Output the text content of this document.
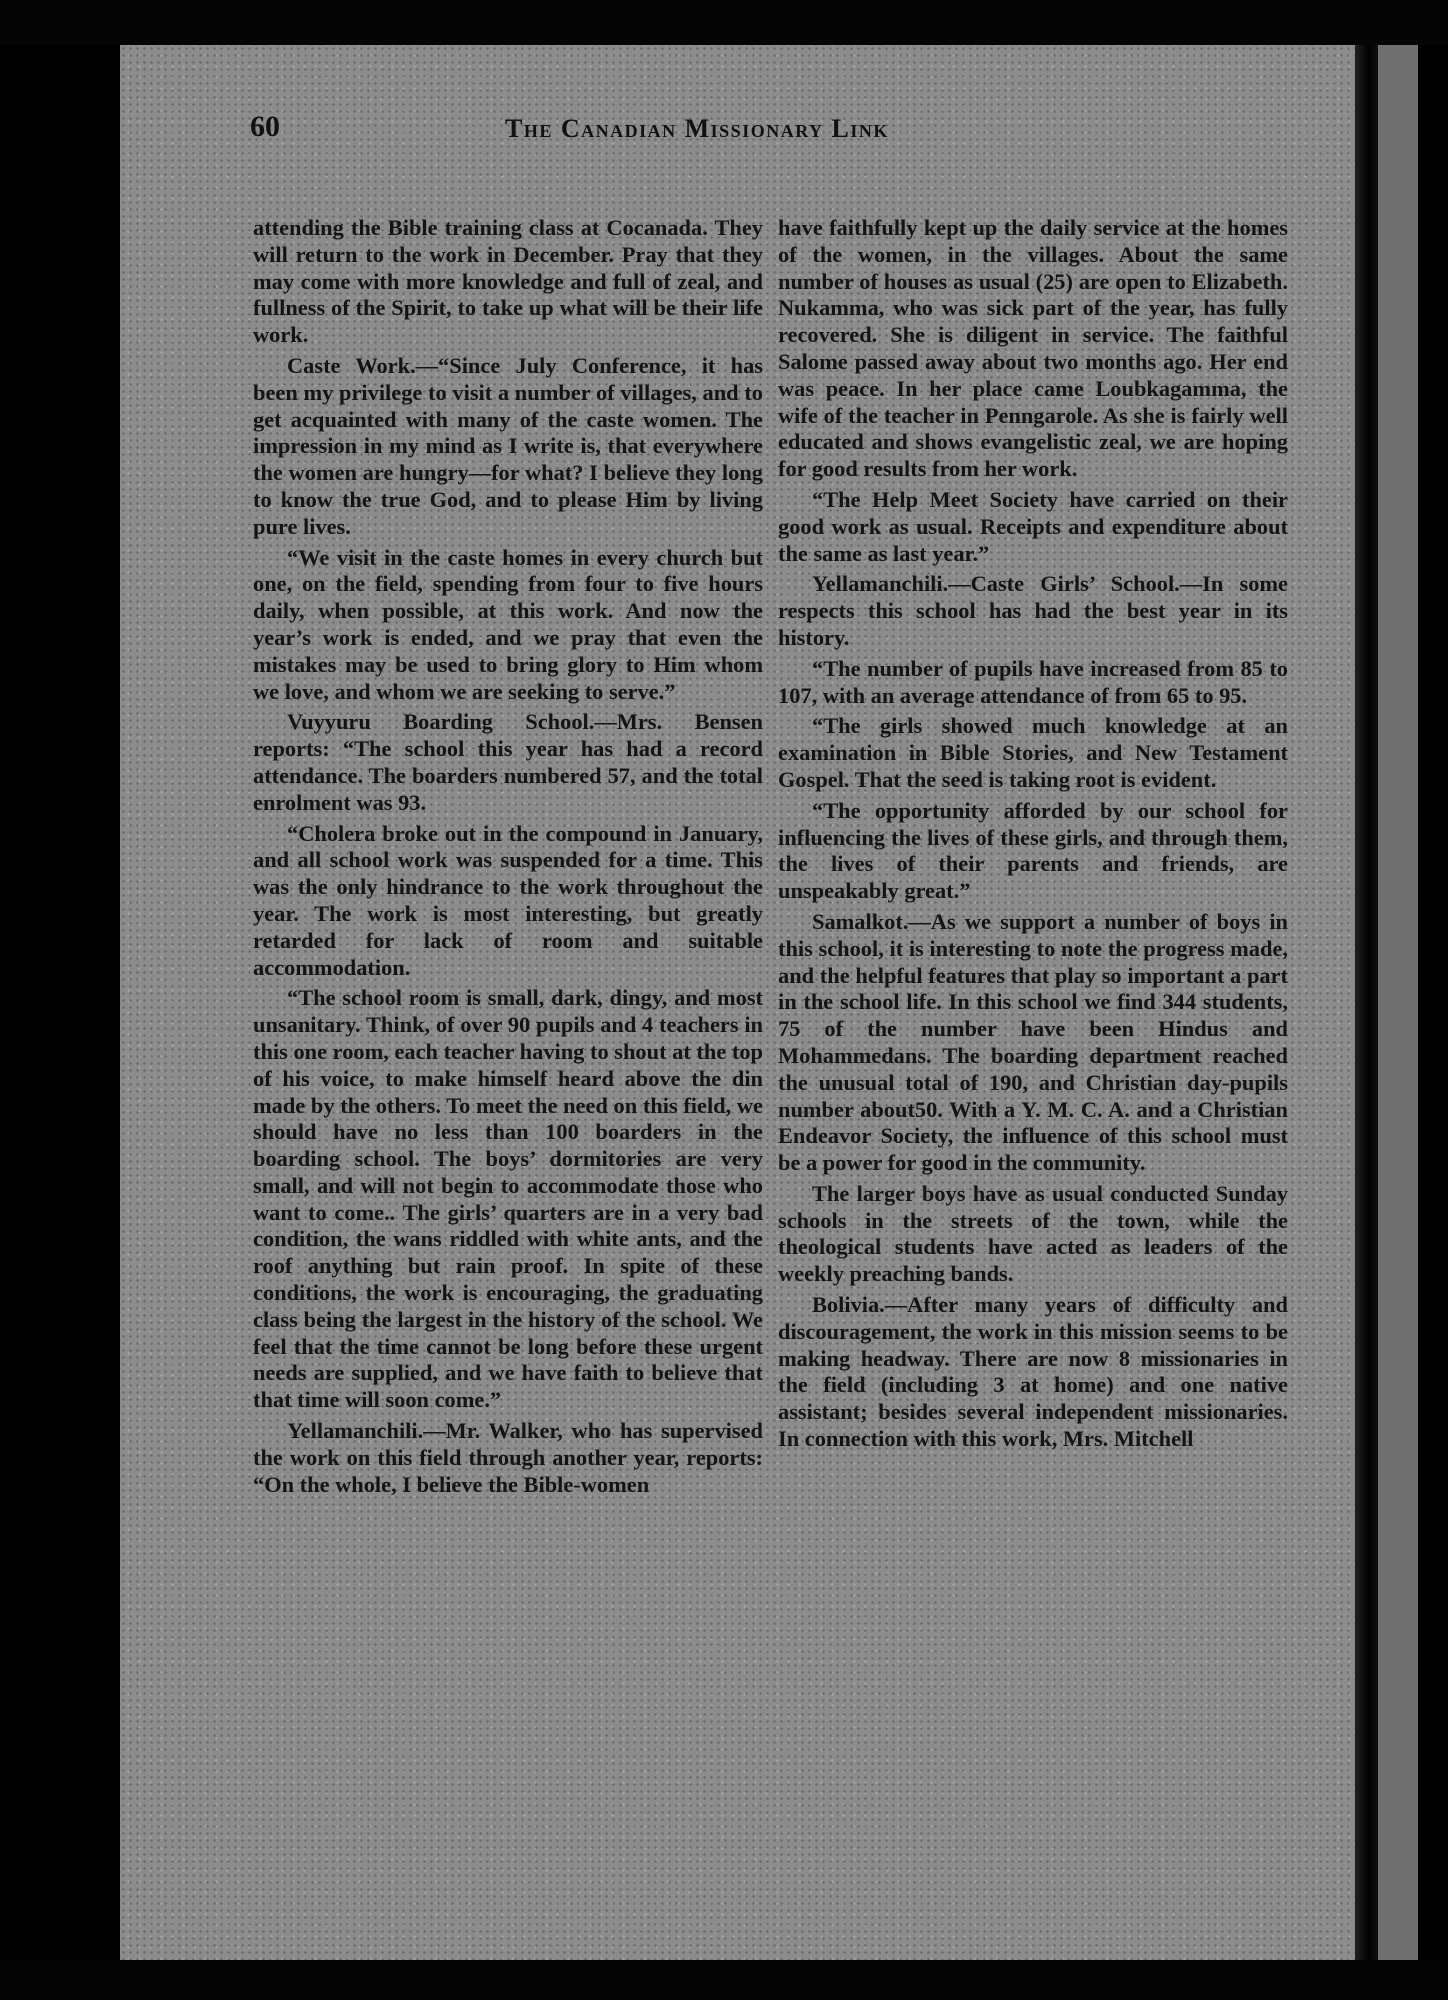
60	The Canadian Missionary Link

attending the Bible training class at Cocanada. They will return to the work in December. Pray that they may come with more knowledge and full of zeal, and fullness of the Spirit, to take up what will be their life work.

Caste Work.—“Since July Conference, it has been my privilege to visit a number of villages, and to get acquainted with many of the caste women. The impression in my mind as I write is, that everywhere the women are hungry—for what? I believe they long to know the true God, and to please Him by living pure lives.

“We visit in the caste homes in every church but one, on the field, spending from four to five hours daily, when possible, at this work. And now the year’s work is ended, and we pray that even the mistakes may be used to bring glory to Him whom we love, and whom we are seeking to serve.”

Vuyyuru Boarding School.—Mrs. Bensen reports: “The school this year has had a record attendance. The boarders numbered 57, and the total enrolment was 93.

“Cholera broke out in the compound in January, and all school work was suspended for a time. This was the only hindrance to the work throughout the year. The work is most interesting, but greatly retarded for lack of room and suitable accommodation.

“The school room is small, dark, dingy, and most unsanitary. Think, of over 90 pupils and 4 teachers in this one room, each teacher having to shout at the top of his voice, to make himself heard above the din made by the others. To meet the need on this field, we should have no less than 100 boarders in the boarding school. The boys’ dormitories are very small, and will not begin to accommodate those who want to come.. The girls’ quarters are in a very bad condition, the wans riddled with white ants, and the roof anything but rain proof. In spite of these conditions, the work is encouraging, the graduating class being the largest in the history of the school. We feel that the time cannot be long before these urgent needs are supplied, and we have faith to believe that that time will soon come.”

Yellamanchili.—Mr. Walker, who has supervised the work on this field through another year, reports: “On the whole, I believe the Bible-women

have faithfully kept up the daily service at the homes of the women, in the villages. About the same number of houses as usual (25) are open to Elizabeth. Nukamma, who was sick part of the year, has fully recovered. She is diligent in service. The faithful Salome passed away about two months ago. Her end was peace. In her place came Loubkagamma, the wife of the teacher in Penngarole. As she is fairly well educated and shows evangelistic zeal, we are hoping for good results from her work.

“The Help Meet Society have carried on their good work as usual. Receipts and expenditure about the same as last year.”

Yellamanchili.—Caste Girls’ School.—In some respects this school has had the best year in its history.

“The number of pupils have increased from 85 to 107, with an average attendance of from 65 to 95.

“The girls showed much knowledge at an examination in Bible Stories, and New Testament Gospel. That the seed is taking root is evident.

“The opportunity afforded by our school for influencing the lives of these girls, and through them, the lives of their parents and friends, are unspeakably great.”

Samalkot.—As we support a number of boys in this school, it is interesting to note the progress made, and the helpful features that play so important a part in the school life. In this school we find 344 students, 75 of the number have been Hindus and Mohammedans. The boarding department reached the unusual total of 190, and Christian day-pupils number about50. With a Y. M. C. A. and a Christian Endeavor Society, the influence of this school must be a power for good in the community.

The larger boys have as usual conducted Sunday schools in the streets of the town, while the theological students have acted as leaders of the weekly preaching bands.

Bolivia.—After many years of difficulty and discouragement, the work in this mission seems to be making headway. There are now 8 missionaries in the field (including 3 at home) and one native assistant; besides several independent missionaries. In connection with this work, Mrs. Mitchell
